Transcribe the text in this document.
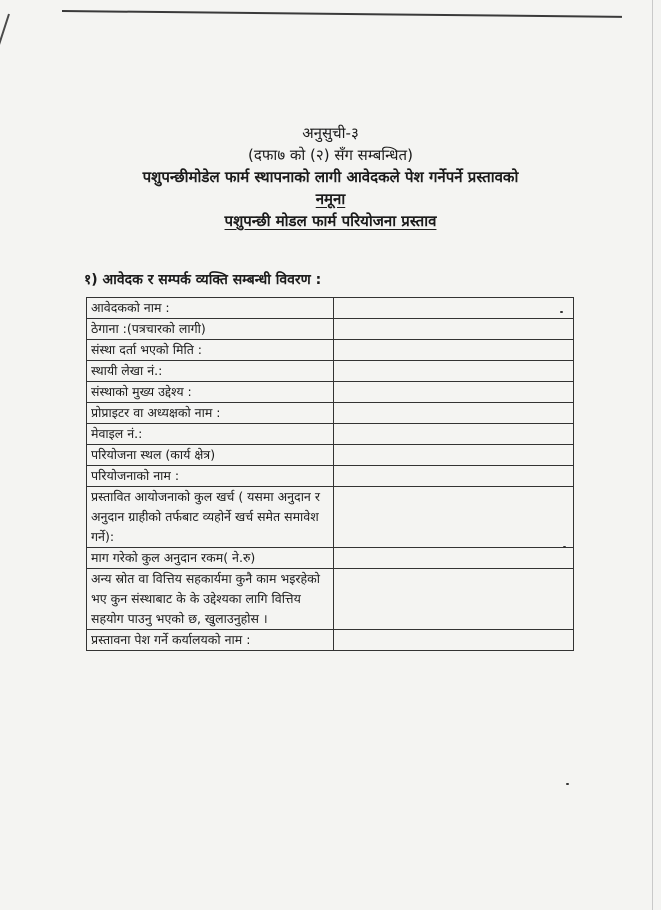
अनुसुची-३
(दफा७ को (२) सँग सम्बन्धित)
पशुपन्छीमोडेल फार्म स्थापनाको लागी आवेदकले पेश गर्नेपर्ने प्रस्तावको
नमूना
पशुपन्छी मोडल फार्म परियोजना प्रस्ताव
१) आवेदक र सम्पर्क व्यक्ति सम्बन्धी विवरण :
आवेदकको नाम :	
ठेगाना :(पत्रचारको लागी)	
संस्था दर्ता भएको मिति :	
स्थायी लेखा नं.:	
संस्थाको मुख्य उद्देश्य :	
प्रोप्राइटर वा अध्यक्षको नाम :	
मेवाइल नं.:	
परियोजना स्थल (कार्य क्षेत्र)	
परियोजनाको नाम :	
प्रस्तावित आयोजनाको कुल खर्च ( यसमा अनुदान र अनुदान ग्राहीको तर्फबाट व्यहोर्ने खर्च समेत समावेश गर्ने):	
माग गरेको कुल अनुदान रकम( ने.रु)	
अन्य स्रोत वा वित्तिय सहकार्यमा कुनै काम भइरहेको भए कुन संस्थाबाट के के उद्देश्यका लागि वित्तिय सहयोग पाउनु भएको छ, खुलाउनुहोस ।	
प्रस्तावना पेश गर्ने कर्यालयको नाम :	
